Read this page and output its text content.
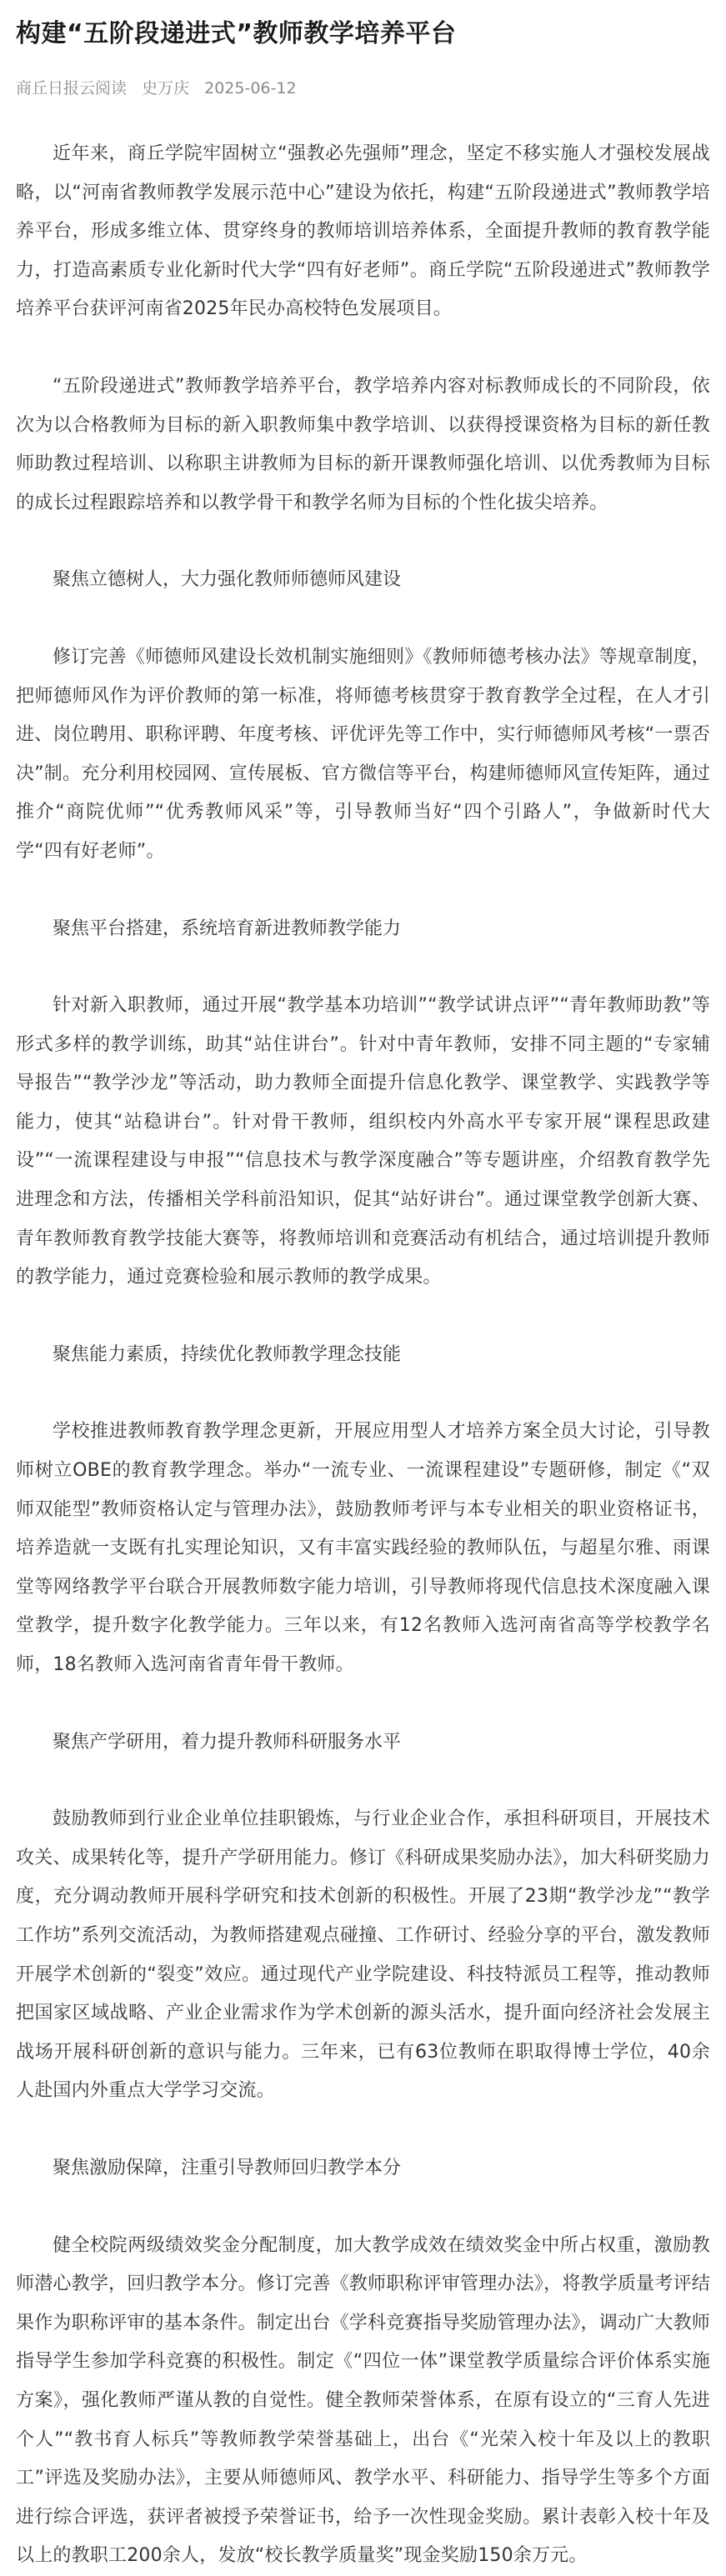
构建“五阶段递进式”教师教学培养平台
商丘日报云阅读 史万庆 2025-06-12

近年来，商丘学院牢固树立“强教必先强师”理念，坚定不移实施人才强校发展战略，以“河南省教师教学发展示范中心”建设为依托，构建“五阶段递进式”教师教学培养平台，形成多维立体、贯穿终身的教师培训培养体系，全面提升教师的教育教学能力，打造高素质专业化新时代大学“四有好老师”。商丘学院“五阶段递进式”教师教学培养平台获评河南省2025年民办高校特色发展项目。

“五阶段递进式”教师教学培养平台，教学培养内容对标教师成长的不同阶段，依次为以合格教师为目标的新入职教师集中教学培训、以获得授课资格为目标的新任教师助教过程培训、以称职主讲教师为目标的新开课教师强化培训、以优秀教师为目标的成长过程跟踪培养和以教学骨干和教学名师为目标的个性化拔尖培养。

聚焦立德树人，大力强化教师师德师风建设

修订完善《师德师风建设长效机制实施细则》《教师师德考核办法》等规章制度，把师德师风作为评价教师的第一标准，将师德考核贯穿于教育教学全过程，在人才引进、岗位聘用、职称评聘、年度考核、评优评先等工作中，实行师德师风考核“一票否决”制。充分利用校园网、宣传展板、官方微信等平台，构建师德师风宣传矩阵，通过推介“商院优师”“优秀教师风采”等，引导教师当好“四个引路人”，争做新时代大学“四有好老师”。

聚焦平台搭建，系统培育新进教师教学能力

针对新入职教师，通过开展“教学基本功培训”“教学试讲点评”“青年教师助教”等形式多样的教学训练，助其“站住讲台”。针对中青年教师，安排不同主题的“专家辅导报告”“教学沙龙”等活动，助力教师全面提升信息化教学、课堂教学、实践教学等能力，使其“站稳讲台”。针对骨干教师，组织校内外高水平专家开展“课程思政建设”“一流课程建设与申报”“信息技术与教学深度融合”等专题讲座，介绍教育教学先进理念和方法，传播相关学科前沿知识，促其“站好讲台”。通过课堂教学创新大赛、青年教师教育教学技能大赛等，将教师培训和竞赛活动有机结合，通过培训提升教师的教学能力，通过竞赛检验和展示教师的教学成果。

聚焦能力素质，持续优化教师教学理念技能

学校推进教师教育教学理念更新，开展应用型人才培养方案全员大讨论，引导教师树立OBE的教育教学理念。举办“一流专业、一流课程建设”专题研修，制定《“双师双能型”教师资格认定与管理办法》，鼓励教师考评与本专业相关的职业资格证书，培养造就一支既有扎实理论知识，又有丰富实践经验的教师队伍，与超星尔雅、雨课堂等网络教学平台联合开展教师数字能力培训，引导教师将现代信息技术深度融入课堂教学，提升数字化教学能力。三年以来，有12名教师入选河南省高等学校教学名师，18名教师入选河南省青年骨干教师。

聚焦产学研用，着力提升教师科研服务水平

鼓励教师到行业企业单位挂职锻炼，与行业企业合作，承担科研项目，开展技术攻关、成果转化等，提升产学研用能力。修订《科研成果奖励办法》，加大科研奖励力度，充分调动教师开展科学研究和技术创新的积极性。开展了23期“教学沙龙”“教学工作坊”系列交流活动，为教师搭建观点碰撞、工作研讨、经验分享的平台，激发教师开展学术创新的“裂变”效应。通过现代产业学院建设、科技特派员工程等，推动教师把国家区域战略、产业企业需求作为学术创新的源头活水，提升面向经济社会发展主战场开展科研创新的意识与能力。三年来，已有63位教师在职取得博士学位，40余人赴国内外重点大学学习交流。

聚焦激励保障，注重引导教师回归教学本分

健全校院两级绩效奖金分配制度，加大教学成效在绩效奖金中所占权重，激励教师潜心教学，回归教学本分。修订完善《教师职称评审管理办法》，将教学质量考评结果作为职称评审的基本条件。制定出台《学科竞赛指导奖励管理办法》，调动广大教师指导学生参加学科竞赛的积极性。制定《“四位一体”课堂教学质量综合评价体系实施方案》，强化教师严谨从教的自觉性。健全教师荣誉体系，在原有设立的“三育人先进个人”“教书育人标兵”等教师教学荣誉基础上，出台《“光荣入校十年及以上的教职工”评选及奖励办法》，主要从师德师风、教学水平、科研能力、指导学生等多个方面进行综合评选，获评者被授予荣誉证书，给予一次性现金奖励。累计表彰入校十年及以上的教职工200余人，发放“校长教学质量奖”现金奖励150余万元。
